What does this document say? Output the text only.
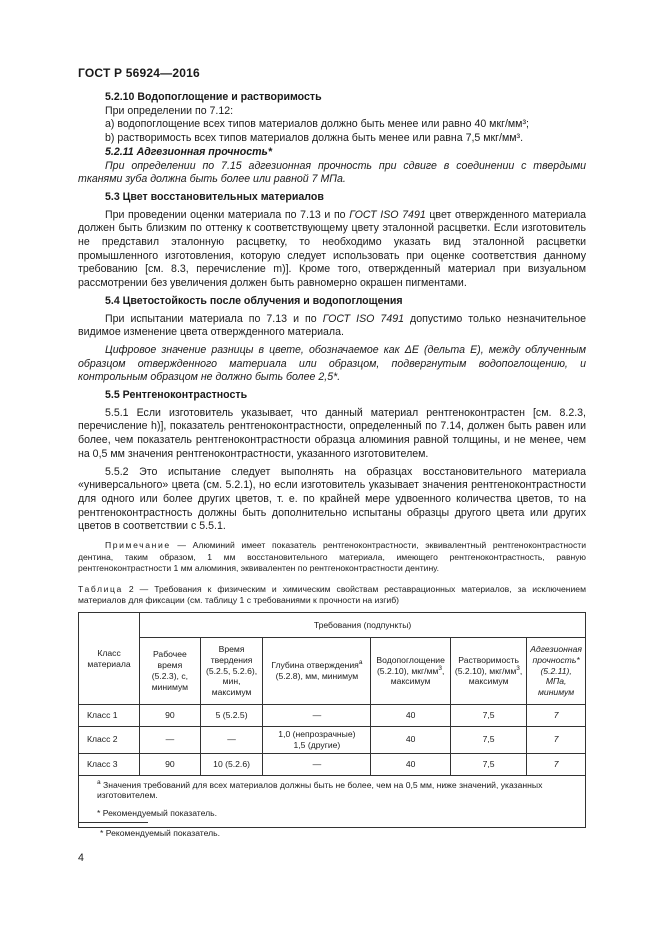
ГОСТ Р 56924—2016

5.2.10 Водопоглощение и растворимость

При определении по 7.12:

a) водопоглощение всех типов материалов должно быть менее или равно 40 мкг/мм³;

b) растворимость всех типов материалов должна быть менее или равна 7,5 мкг/мм³.

5.2.11 Адгезионная прочность*

При определении по 7.15 адгезионная прочность при сдвиге в соединении с твердыми тканями зуба должна быть более или равной 7 МПа.

5.3 Цвет восстановительных материалов

При проведении оценки материала по 7.13 и по ГОСТ ISO 7491 цвет отвержденного материала должен быть близким по оттенку к соответствующему цвету эталонной расцветки. Если изготовитель не представил эталонную расцветку, то необходимо указать вид эталонной расцветки промышленного изготовления, которую следует использовать при оценке соответствия данному требованию [см. 8.3, перечисление m)]. Кроме того, отвержденный материал при визуальном рассмотрении без увеличения должен быть равномерно окрашен пигментами.

5.4 Цветостойкость после облучения и водопоглощения

При испытании материала по 7.13 и по ГОСТ ISO 7491 допустимо только незначительное видимое изменение цвета отвержденного материала.

Цифровое значение разницы в цвете, обозначаемое как ΔE (дельта E), между облученным образцом отвержденного материала или образцом, подвергнутым водопоглощению, и контрольным образцом не должно быть более 2,5*.

5.5 Рентгеноконтрастность

5.5.1 Если изготовитель указывает, что данный материал рентгеноконтрастен [см. 8.2.3, перечисление h)], показатель рентгеноконтрастности, определенный по 7.14, должен быть равен или более, чем показатель рентгеноконтрастности образца алюминия равной толщины, и не менее, чем на 0,5 мм значения рентгеноконтрастности, указанного изготовителем.

5.5.2 Это испытание следует выполнять на образцах восстановительного материала «универсального» цвета (см. 5.2.1), но если изготовитель указывает значения рентгеноконтрастности для одного или более других цветов, т. е. по крайней мере удвоенного количества цветов, то на рентгеноконтрастность должны быть дополнительно испытаны образцы другого цвета или других цветов в соответствии с 5.5.1.

Примечание — Алюминий имеет показатель рентгеноконтрастности, эквивалентный рентгеноконтрастности дентина, таким образом, 1 мм восстановительного материала, имеющего рентгеноконтрастность, равную рентгеноконтрастности 1 мм алюминия, эквивалентен по рентгеноконтрастности дентину.

Таблица 2 — Требования к физическим и химическим свойствам реставрационных материалов, за исключением материалов для фиксации (см. таблицу 1 с требованиями к прочности на изгиб)

Класс материала	Требования (подпункты)					
	Рабочее время (5.2.3), с, минимум	Время твердения (5.2.5, 5.2.6), мин, максимум	Глубина отверждения$^a$ (5.2.8), мм, минимум	Водопоглощение (5.2.10), мкг/$мм^3$, максимум	Растворимость (5.2.10), мкг/$мм^3$, максимум	Адгезионная прочность* (5.2.11), МПа, минимум
Класс 1	90	5 (5.2.5)	—	40	7,5	7
Класс 2	—	—	1,0 (непрозрачные)
1,5 (другие)	40	7,5	7
Класс 3	90	10 (5.2.6)	—	40	7,5	7
$^а$ Значения требований для всех материалов должны быть не более, чем на 0,5 мм, ниже значений, указанных изготовителем.						
* Рекомендуемый показатель.						
* Рекомендуемый показатель.
4
